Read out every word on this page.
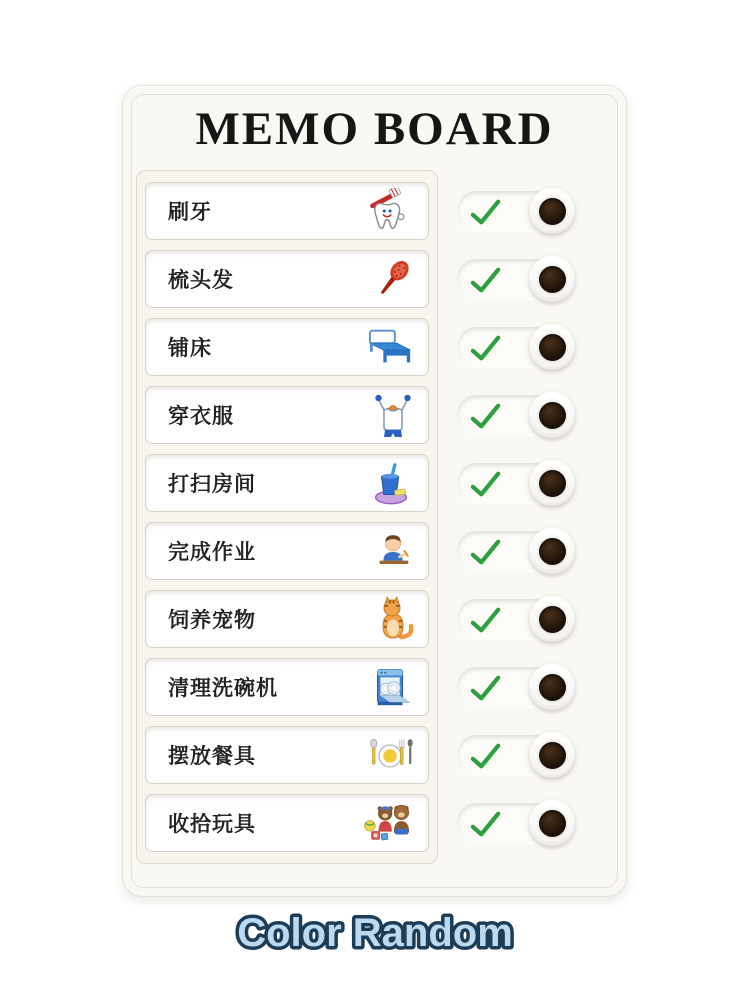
MEMO BOARD
刷牙
梳头发
铺床
穿衣服
打扫房间
完成作业
饲养宠物
清理洗碗机
摆放餐具
收拾玩具
Color Random
